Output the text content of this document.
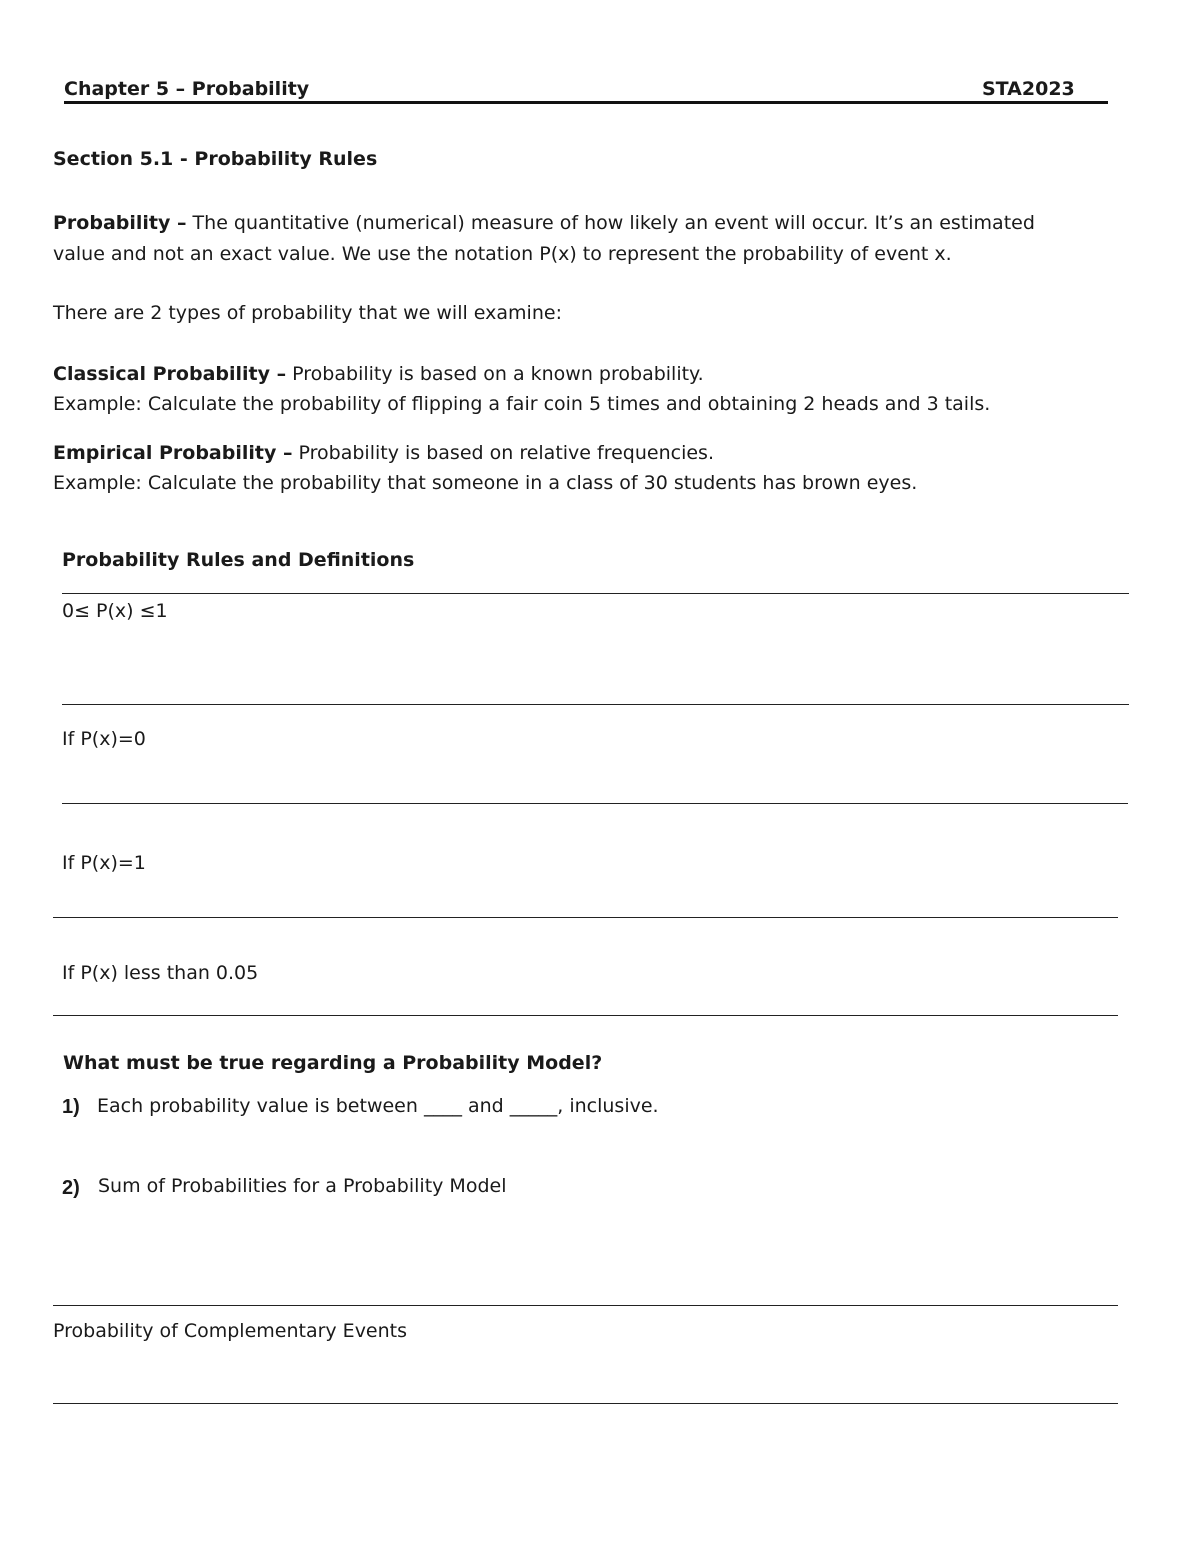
Chapter 5 – Probability	STA2023
Section 5.1 - Probability Rules
Probability – The quantitative (numerical) measure of how likely an event will occur. It’s an estimated
value and not an exact value. We use the notation P(x) to represent the probability of event x.
There are 2 types of probability that we will examine:
Classical Probability – Probability is based on a known probability.
Example: Calculate the probability of flipping a fair coin 5 times and obtaining 2 heads and 3 tails.
Empirical Probability – Probability is based on relative frequencies.
Example: Calculate the probability that someone in a class of 30 students has brown eyes.
Probability Rules and Definitions
0≤ P(x) ≤1
If P(x)=0
If P(x)=1
If P(x) less than 0.05
What must be true regarding a Probability Model?
1) Each probability value is between ____ and _____, inclusive.
2) Sum of Probabilities for a Probability Model
Probability of Complementary Events
